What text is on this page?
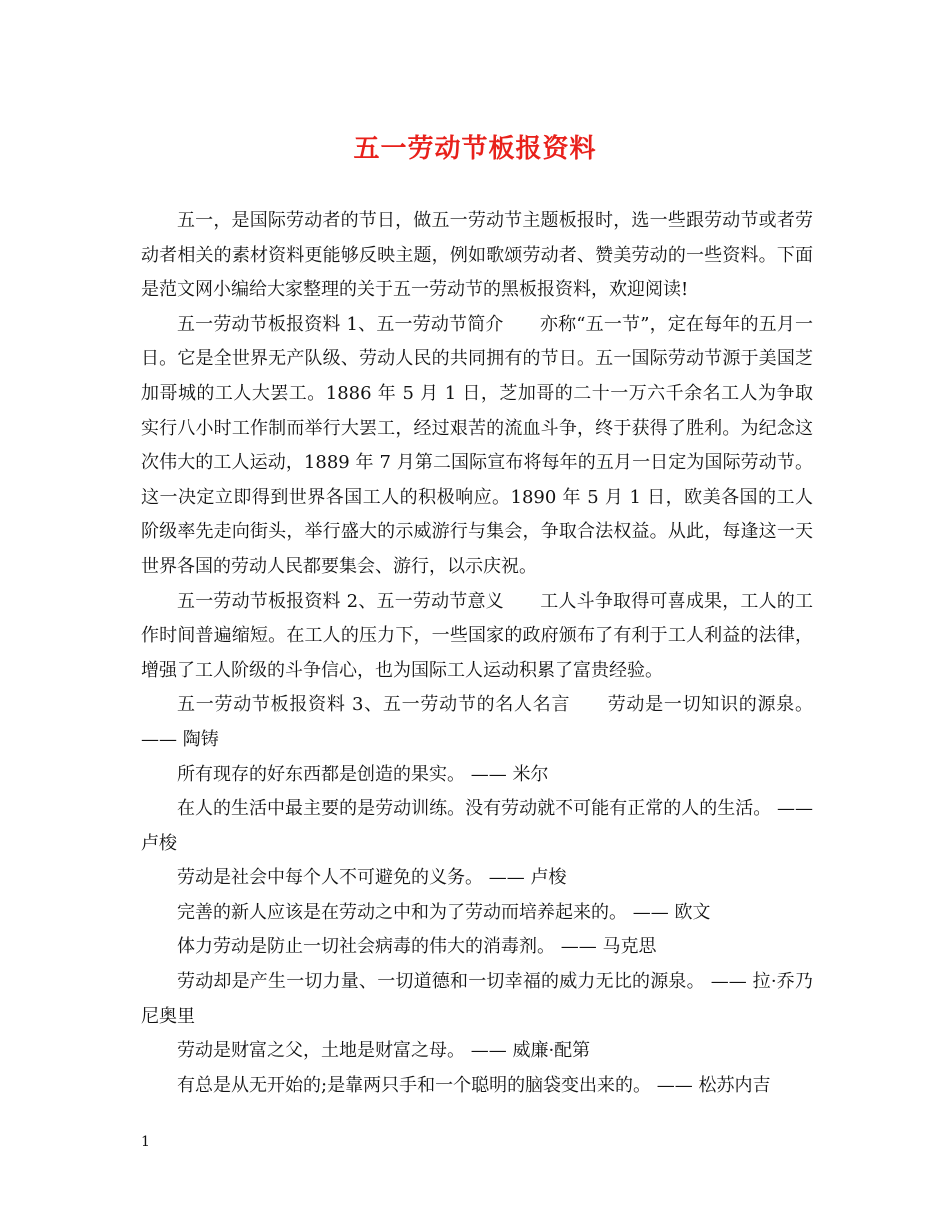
五一劳动节板报资料

五一，是国际劳动者的节日，做五一劳动节主题板报时，选一些跟劳动节或者劳动者相关的素材资料更能够反映主题，例如歌颂劳动者、赞美劳动的一些资料。下面是范文网小编给大家整理的关于五一劳动节的黑板报资料，欢迎阅读!

五一劳动节板报资料 1、五一劳动节简介　　亦称“五一节”，定在每年的五月一日。它是全世界无产队级、劳动人民的共同拥有的节日。五一国际劳动节源于美国芝加哥城的工人大罢工。1886 年 5 月 1 日，芝加哥的二十一万六千余名工人为争取实行八小时工作制而举行大罢工，经过艰苦的流血斗争，终于获得了胜利。为纪念这次伟大的工人运动，1889 年 7 月第二国际宣布将每年的五月一日定为国际劳动节。这一决定立即得到世界各国工人的积极响应。1890 年 5 月 1 日，欧美各国的工人阶级率先走向街头，举行盛大的示威游行与集会，争取合法权益。从此，每逢这一天世界各国的劳动人民都要集会、游行，以示庆祝。

五一劳动节板报资料 2、五一劳动节意义　　工人斗争取得可喜成果，工人的工作时间普遍缩短。在工人的压力下，一些国家的政府颁布了有利于工人利益的法律，增强了工人阶级的斗争信心，也为国际工人运动积累了富贵经验。

五一劳动节板报资料 3、五一劳动节的名人名言　　劳动是一切知识的源泉。 —— 陶铸

所有现存的好东西都是创造的果实。 —— 米尔

在人的生活中最主要的是劳动训练。没有劳动就不可能有正常的人的生活。 —— 卢梭

劳动是社会中每个人不可避免的义务。 —— 卢梭

完善的新人应该是在劳动之中和为了劳动而培养起来的。 —— 欧文

体力劳动是防止一切社会病毒的伟大的消毒剂。 —— 马克思

劳动却是产生一切力量、一切道德和一切幸福的威力无比的源泉。 —— 拉·乔乃尼奥里

劳动是财富之父，土地是财富之母。 —— 威廉·配第

有总是从无开始的;是靠两只手和一个聪明的脑袋变出来的。 —— 松苏内吉

1
